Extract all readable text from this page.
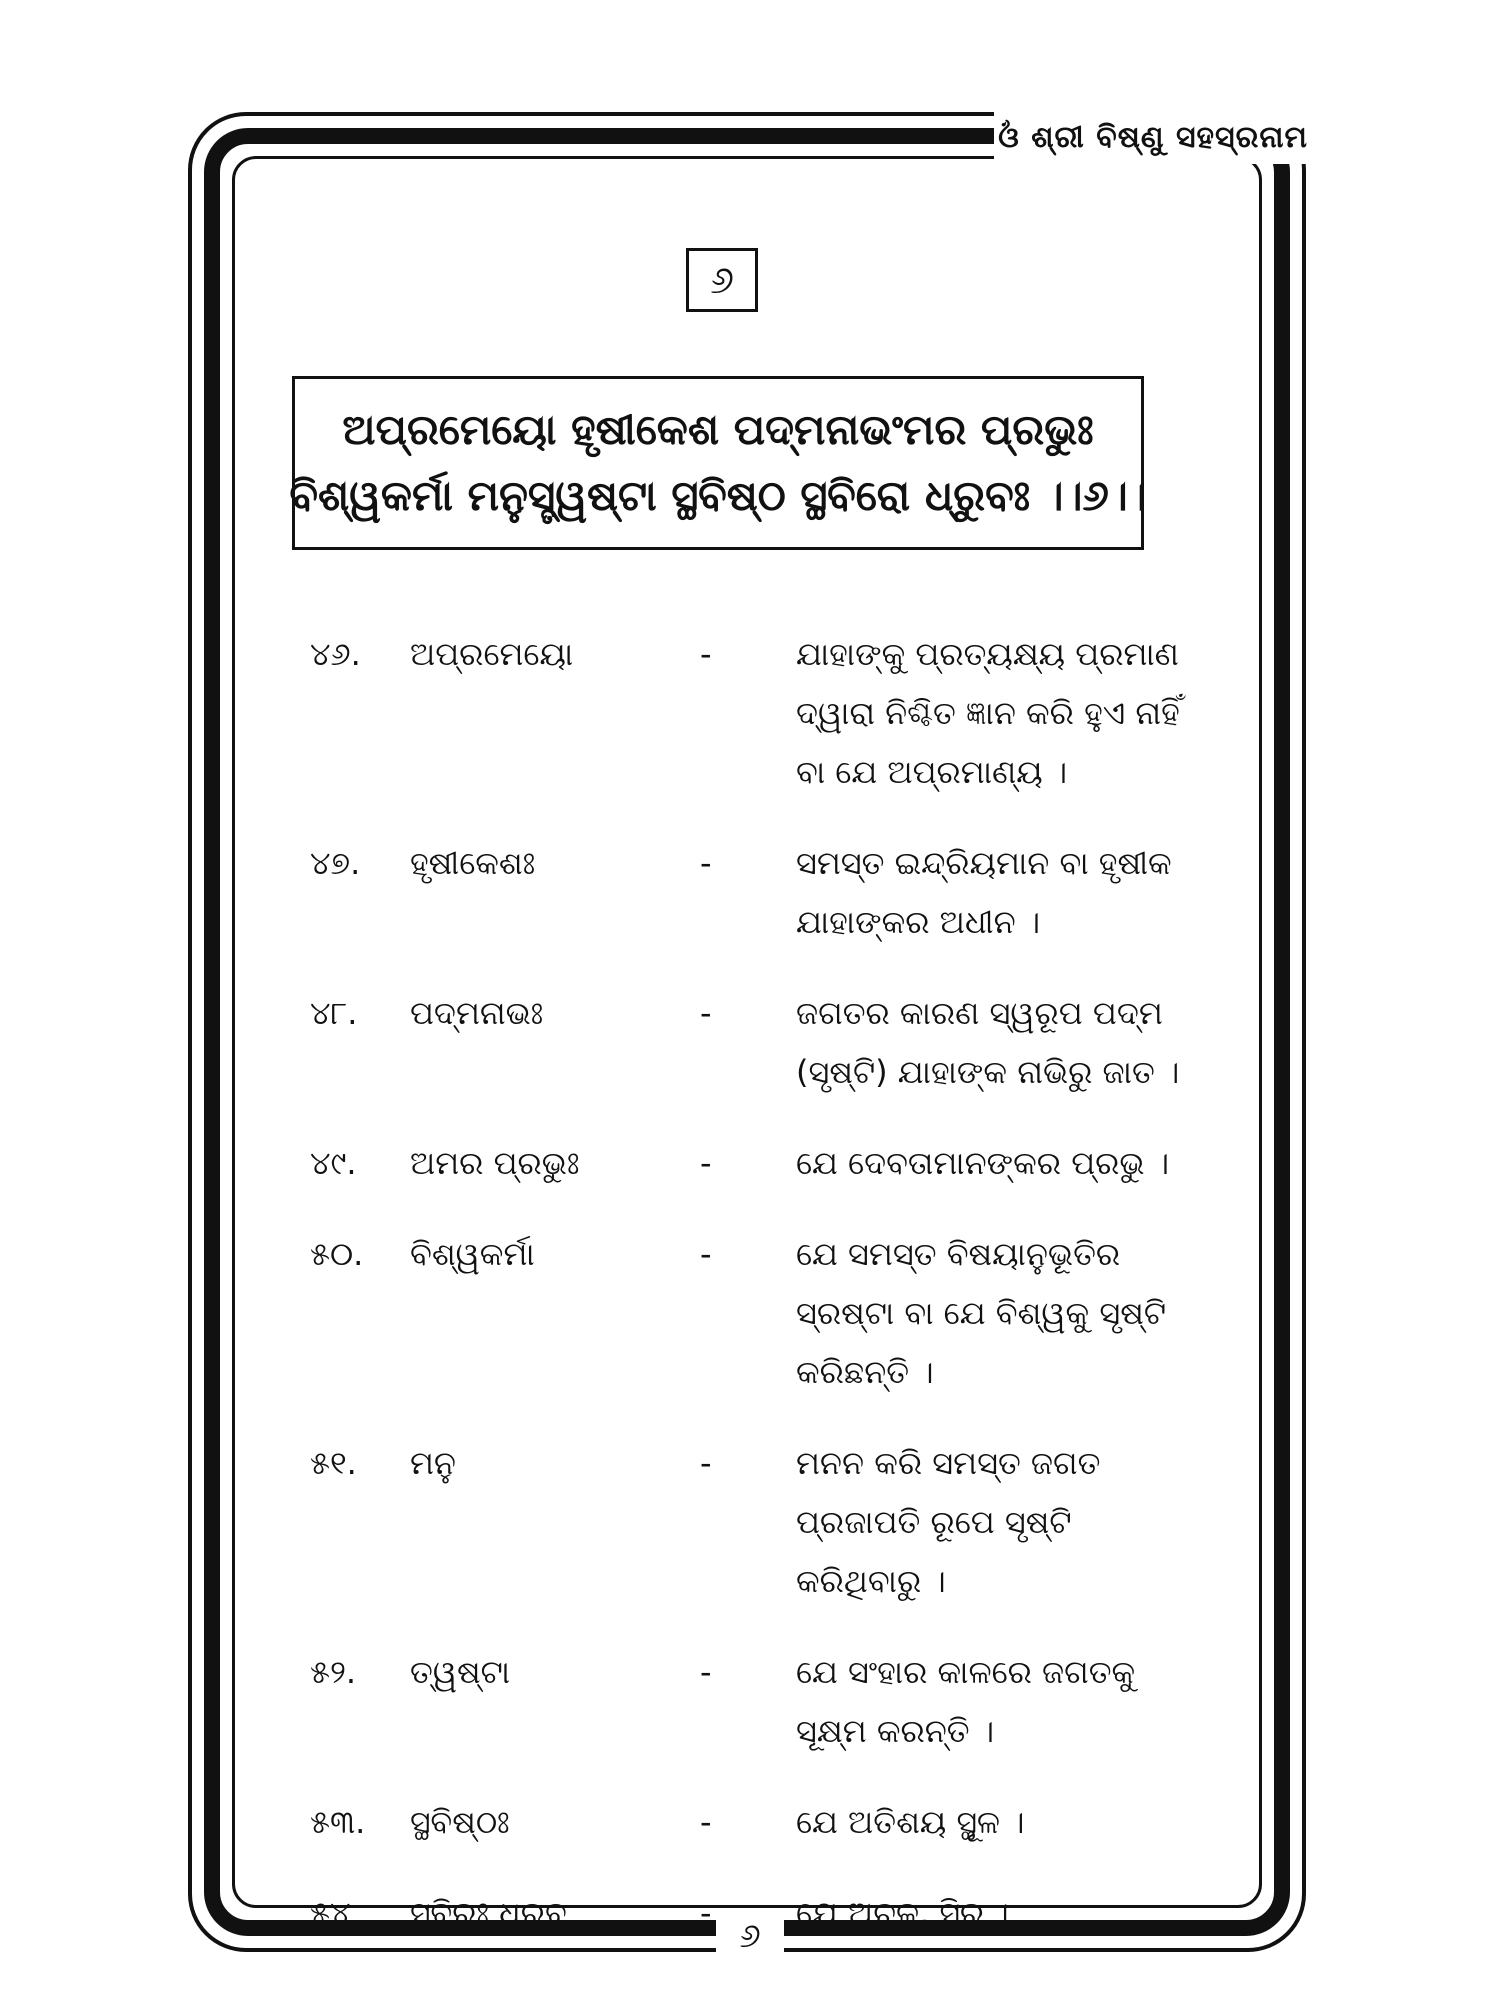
ଓଁ ଶ୍ରୀ ବିଷ୍ଣୁ ସହସ୍ରନାମ
୬
ଅପ୍ରମେୟୋ ହୃଷୀକେଶ ପଦ୍ମନାଭଂମର ପ୍ରଭୁଃ
ବିଶ୍ୱକର୍ମା ମନୁସ୍ତ୍ୱଷ୍ଟା ସ୍ଥବିଷ୍ଠ ସ୍ଥବିରୋ ଧ୍ରୁବଃ ।।୬।।
୪୬.	ଅପ୍ରମେୟୋ	-	ଯାହାଙ୍କୁ ପ୍ରତ୍ୟକ୍ଷ୍ୟ ପ୍ରମାଣ ଦ୍ୱାରା ନିଶ୍ଚିତ ଜ୍ଞାନ କରି ହୁଏ ନାହିଁ ବା ଯେ ଅପ୍ରମାଣ୍ୟ ।
୪୭.	ହୃଷୀକେଶଃ	-	ସମସ୍ତ ଇନ୍ଦ୍ରିୟମାନ ବା ହୃଷୀକ ଯାହାଙ୍କର ଅଧୀନ ।
୪୮.	ପଦ୍ମନାଭଃ	-	ଜଗତର କାରଣ ସ୍ୱରୂପ ପଦ୍ମ (ସୃଷ୍ଟି) ଯାହାଙ୍କ ନାଭିରୁ ଜାତ ।
୪୯.	ଅମର ପ୍ରଭୁଃ	-	ଯେ ଦେବତାମାନଙ୍କର ପ୍ରଭୁ ।
୫୦.	ବିଶ୍ୱକର୍ମା	-	ଯେ ସମସ୍ତ ବିଷୟାନୁଭୂତିର ସ୍ରଷ୍ଟା ବା ଯେ ବିଶ୍ୱକୁ ସୃଷ୍ଟି କରିଛନ୍ତି ।
୫୧.	ମନୁ	-	ମନନ କରି ସମସ୍ତ ଜଗତ ପ୍ରଜାପତି ରୂପେ ସୃଷ୍ଟି କରିଥିବାରୁ ।
୫୨.	ତ୍ୱଷ୍ଟା	-	ଯେ ସଂହାର କାଳରେ ଜଗତକୁ ସୂକ୍ଷ୍ମ କରନ୍ତି ।
୫୩.	ସ୍ଥବିଷ୍ଠଃ	-	ଯେ ଅତିଶୟ ସ୍ଥୂଳ ।
୫୪.	ସ୍ଥବିରଃ ଧ୍ରୁବ	-	ଯେ ଅଚଳ, ସ୍ଥିର ।
୬
